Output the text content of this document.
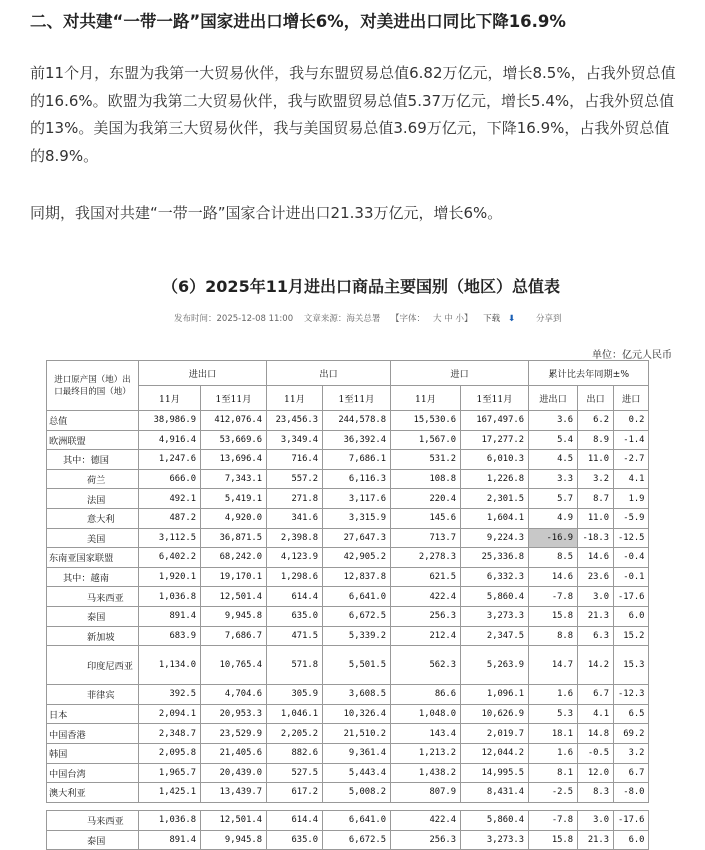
二、对共建“一带一路”国家进出口增长6%，对美进出口同比下降16.9%
前11个月，东盟为我第一大贸易伙伴，我与东盟贸易总值6.82万亿元，增长8.5%，占我外贸总值的16.6%。欧盟为我第二大贸易伙伴，我与欧盟贸易总值5.37万亿元，增长5.4%，占我外贸总值的13%。美国为我第三大贸易伙伴，我与美国贸易总值3.69万亿元，下降16.9%，占我外贸总值的8.9%。
同期，我国对共建“一带一路”国家合计进出口21.33万亿元，增长6%。
（6）2025年11月进出口商品主要国别（地区）总值表
发布时间：2025-12-08 11:00 文章来源：海关总署 【字体： 大 中 小】 下载 ⬇ 分享到
单位：亿元人民币
进口原产国（地）出口最终目的国（地）	进出口		出口		进口		累计比去年同期±%		
	11月	1至11月	11月	1至11月	11月	1至11月	进出口	出口	进口
总值	38,986.9	412,076.4	23,456.3	244,578.8	15,530.6	167,497.6	3.6	6.2	0.2
欧洲联盟	4,916.4	53,669.6	3,349.4	36,392.4	1,567.0	17,277.2	5.4	8.9	-1.4
其中：德国	1,247.6	13,696.4	716.4	7,686.1	531.2	6,010.3	4.5	11.0	-2.7
荷兰	666.0	7,343.1	557.2	6,116.3	108.8	1,226.8	3.3	3.2	4.1
法国	492.1	5,419.1	271.8	3,117.6	220.4	2,301.5	5.7	8.7	1.9
意大利	487.2	4,920.0	341.6	3,315.9	145.6	1,604.1	4.9	11.0	-5.9
美国	3,112.5	36,871.5	2,398.8	27,647.3	713.7	9,224.3	-16.9	-18.3	-12.5
东南亚国家联盟	6,402.2	68,242.0	4,123.9	42,905.2	2,278.3	25,336.8	8.5	14.6	-0.4
其中：越南	1,920.1	19,170.1	1,298.6	12,837.8	621.5	6,332.3	14.6	23.6	-0.1
马来西亚	1,036.8	12,501.4	614.4	6,641.0	422.4	5,860.4	-7.8	3.0	-17.6
泰国	891.4	9,945.8	635.0	6,672.5	256.3	3,273.3	15.8	21.3	6.0
新加坡	683.9	7,686.7	471.5	5,339.2	212.4	2,347.5	8.8	6.3	15.2
印度尼西亚	1,134.0	10,765.4	571.8	5,501.5	562.3	5,263.9	14.7	14.2	15.3
菲律宾	392.5	4,704.6	305.9	3,608.5	86.6	1,096.1	1.6	6.7	-12.3
日本	2,094.1	20,953.3	1,046.1	10,326.4	1,048.0	10,626.9	5.3	4.1	6.5
中国香港	2,348.7	23,529.9	2,205.2	21,510.2	143.4	2,019.7	18.1	14.8	69.2
韩国	2,095.8	21,405.6	882.6	9,361.4	1,213.2	12,044.2	1.6	-0.5	3.2
中国台湾	1,965.7	20,439.0	527.5	5,443.4	1,438.2	14,995.5	8.1	12.0	6.7
澳大利亚	1,425.1	13,439.7	617.2	5,008.2	807.9	8,431.4	-2.5	8.3	-8.0
马来西亚	1,036.8	12,501.4	614.4	6,641.0	422.4	5,860.4	-7.8	3.0	-17.6
泰国	891.4	9,945.8	635.0	6,672.5	256.3	3,273.3	15.8	21.3	6.0
